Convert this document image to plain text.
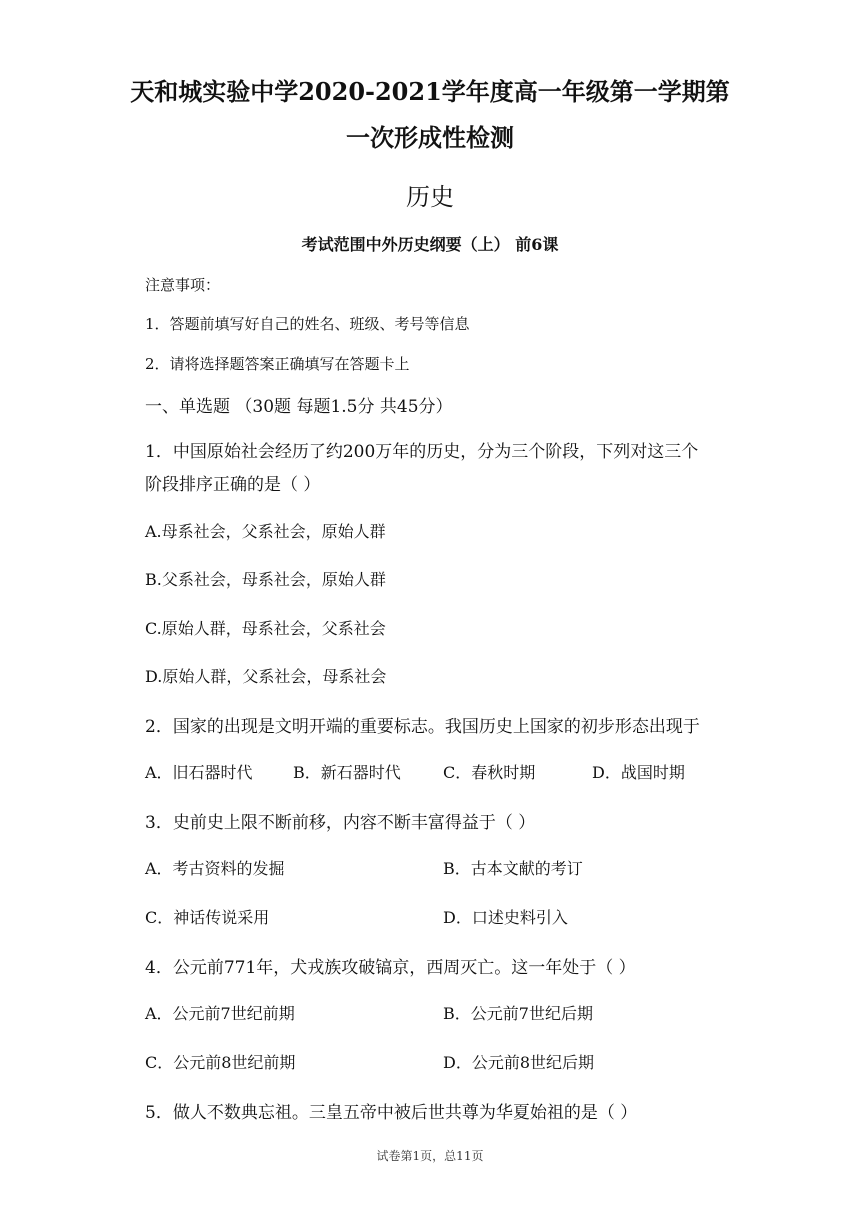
天和城实验中学2020-2021学年度高一年级第一学期第
一次形成性检测
历史
考试范围中外历史纲要（上） 前6课
注意事项：
1．答题前填写好自己的姓名、班级、考号等信息
2．请将选择题答案正确填写在答题卡上
一、单选题 （30题 每题1.5分 共45分）
1．中国原始社会经历了约200万年的历史，分为三个阶段，下列对这三个
阶段排序正确的是（ ）
A.母系社会，父系社会，原始人群
B.父系社会，母系社会，原始人群
C.原始人群，母系社会，父系社会
D.原始人群，父系社会，母系社会
2．国家的出现是文明开端的重要标志。我国历史上国家的初步形态出现于
A．旧石器时代	B．新石器时代	C．春秋时期	D．战国时期
3．史前史上限不断前移，内容不断丰富得益于（ ）
A．考古资料的发掘	B．古本文献的考订
C．神话传说采用	D．口述史料引入
4．公元前771年，犬戎族攻破镐京，西周灭亡。这一年处于（ ）
A．公元前7世纪前期	B．公元前7世纪后期
C．公元前8世纪前期	D．公元前8世纪后期
5．做人不数典忘祖。三皇五帝中被后世共尊为华夏始祖的是（ ）
试卷第1页，总11页
